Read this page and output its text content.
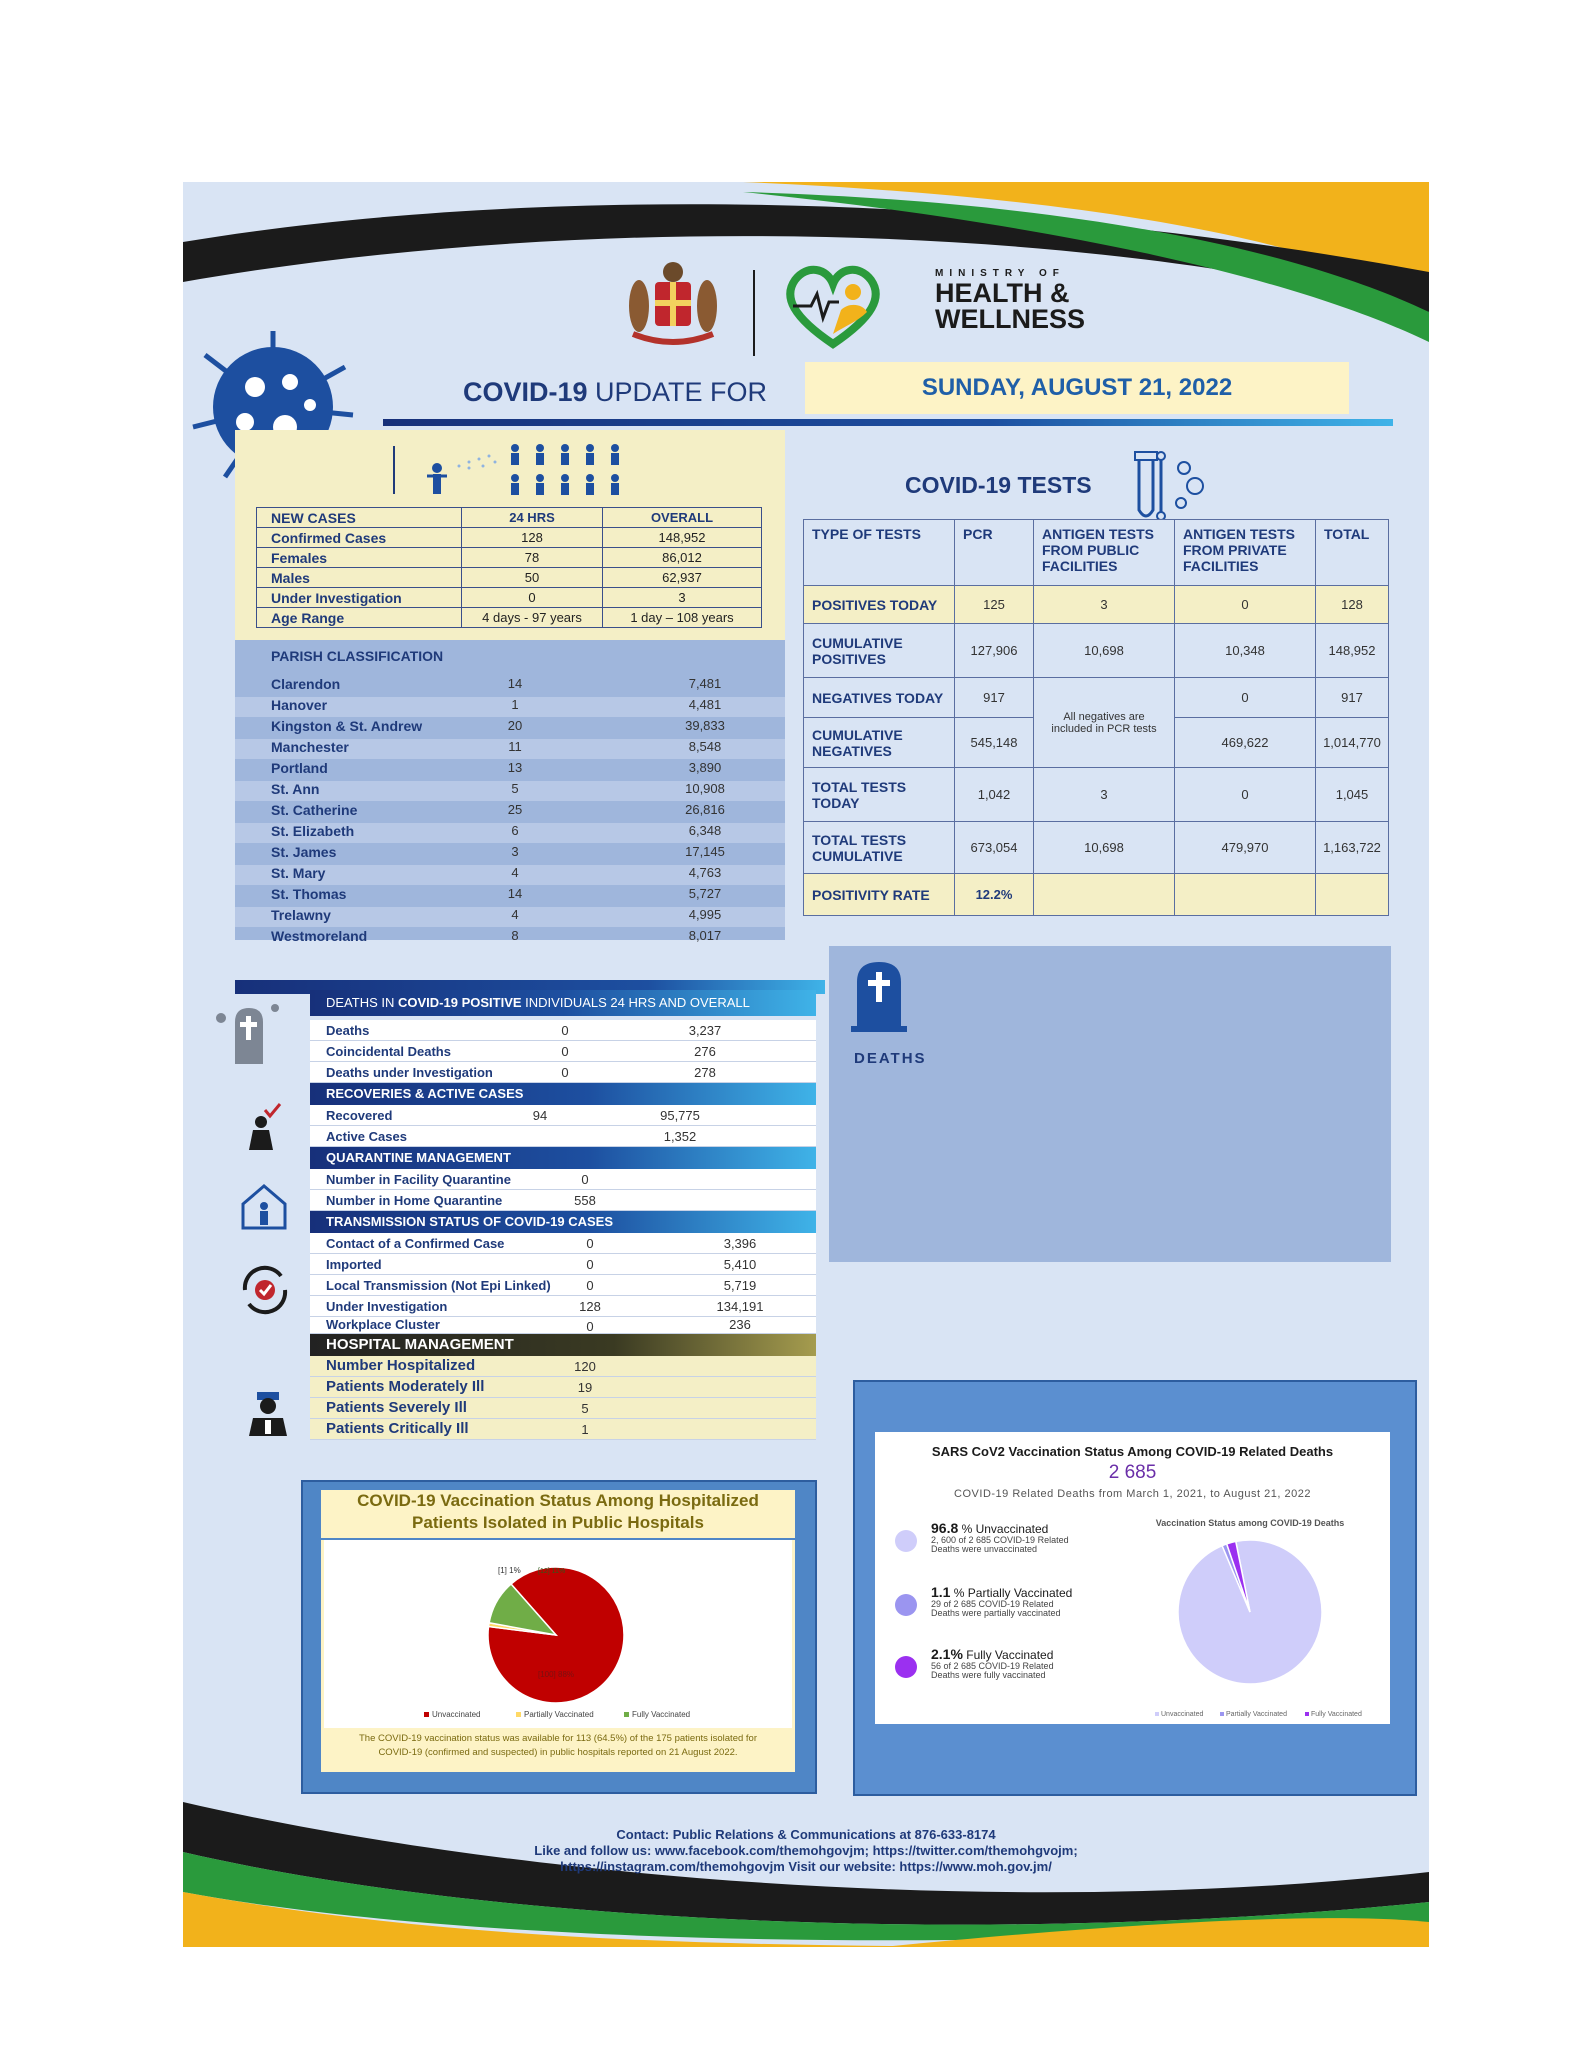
MINISTRY OF
HEALTH &
WELLNESS
COVID-19 UPDATE FOR	SUNDAY, AUGUST 21, 2022
NEW CASES	24 HRS	OVERALL
Confirmed Cases	128	148,952
Females	78	86,012
Males	50	62,937
Under Investigation	0	3
Age Range	4 days - 97 years	1 day – 108 years
PARISH CLASSIFICATION
Clarendon	14	7,481
Hanover	1	4,481
Kingston & St. Andrew	20	39,833
Manchester	11	8,548
Portland	13	3,890
St. Ann	5	10,908
St. Catherine	25	26,816
St. Elizabeth	6	6,348
St. James	3	17,145
St. Mary	4	4,763
St. Thomas	14	5,727
Trelawny	4	4,995
Westmoreland	8	8,017
COVID-19 TESTS
TYPE OF TESTS	PCR	ANTIGEN TESTS FROM PUBLIC FACILITIES	ANTIGEN TESTS FROM PRIVATE FACILITIES	TOTAL
POSITIVES TODAY	125	3	0	128
CUMULATIVE POSITIVES	127,906	10,698	10,348	148,952
NEGATIVES TODAY	917	All negatives are included in PCR tests	0	917
CUMULATIVE NEGATIVES	545,148		469,622	1,014,770
TOTAL TESTS TODAY	1,042	3	0	1,045
TOTAL TESTS CUMULATIVE	673,054	10,698	479,970	1,163,722
POSITIVITY RATE	12.2%			
DEATHS
DEATHS IN COVID-19 POSITIVE INDIVIDUALS 24 HRS AND OVERALL
Deaths	0	3,237
Coincidental Deaths	0	276
Deaths under Investigation	0	278
RECOVERIES & ACTIVE CASES
Recovered	94	95,775
Active Cases	1,352
QUARANTINE MANAGEMENT
Number in Facility Quarantine	0
Number in Home Quarantine	558
TRANSMISSION STATUS OF COVID-19 CASES
Contact of a Confirmed Case	0	3,396
Imported	0	5,410
Local Transmission (Not Epi Linked)	0	5,719
Under Investigation	128	134,191
Workplace Cluster	0	236
HOSPITAL MANAGEMENT
Number Hospitalized	120
Patients Moderately Ill	19
Patients Severely Ill	5
Patients Critically Ill	1
COVID-19 Vaccination Status Among Hospitalized
Patients Isolated in Public Hospitals
[100] 88%
[1] 1% [12] 11%
Unvaccinated	Partially Vaccinated	Fully Vaccinated
The COVID-19 vaccination status was available for 113 (64.5%) of the 175 patients isolated for
COVID-19 (confirmed and suspected) in public hospitals reported on 21 August 2022.
SARS CoV2 Vaccination Status Among COVID-19 Related Deaths
2 685
COVID-19 Related Deaths from March 1, 2021, to August 21, 2022
96.8 % Unvaccinated
2, 600 of 2 685 COVID-19 Related
Deaths were unvaccinated
1.1 % Partially Vaccinated
29 of 2 685 COVID-19 Related
Deaths were partially vaccinated
2.1% Fully Vaccinated
56 of 2 685 COVID-19 Related
Deaths were fully vaccinated
Vaccination Status among COVID-19 Deaths
Unvaccinated	Partially Vaccinated	Fully Vaccinated
Contact: Public Relations & Communications at 876-633-8174
Like and follow us: www.facebook.com/themohgovjm; https://twitter.com/themohgvojm;
https://instagram.com/themohgovjm Visit our website: https://www.moh.gov.jm/
